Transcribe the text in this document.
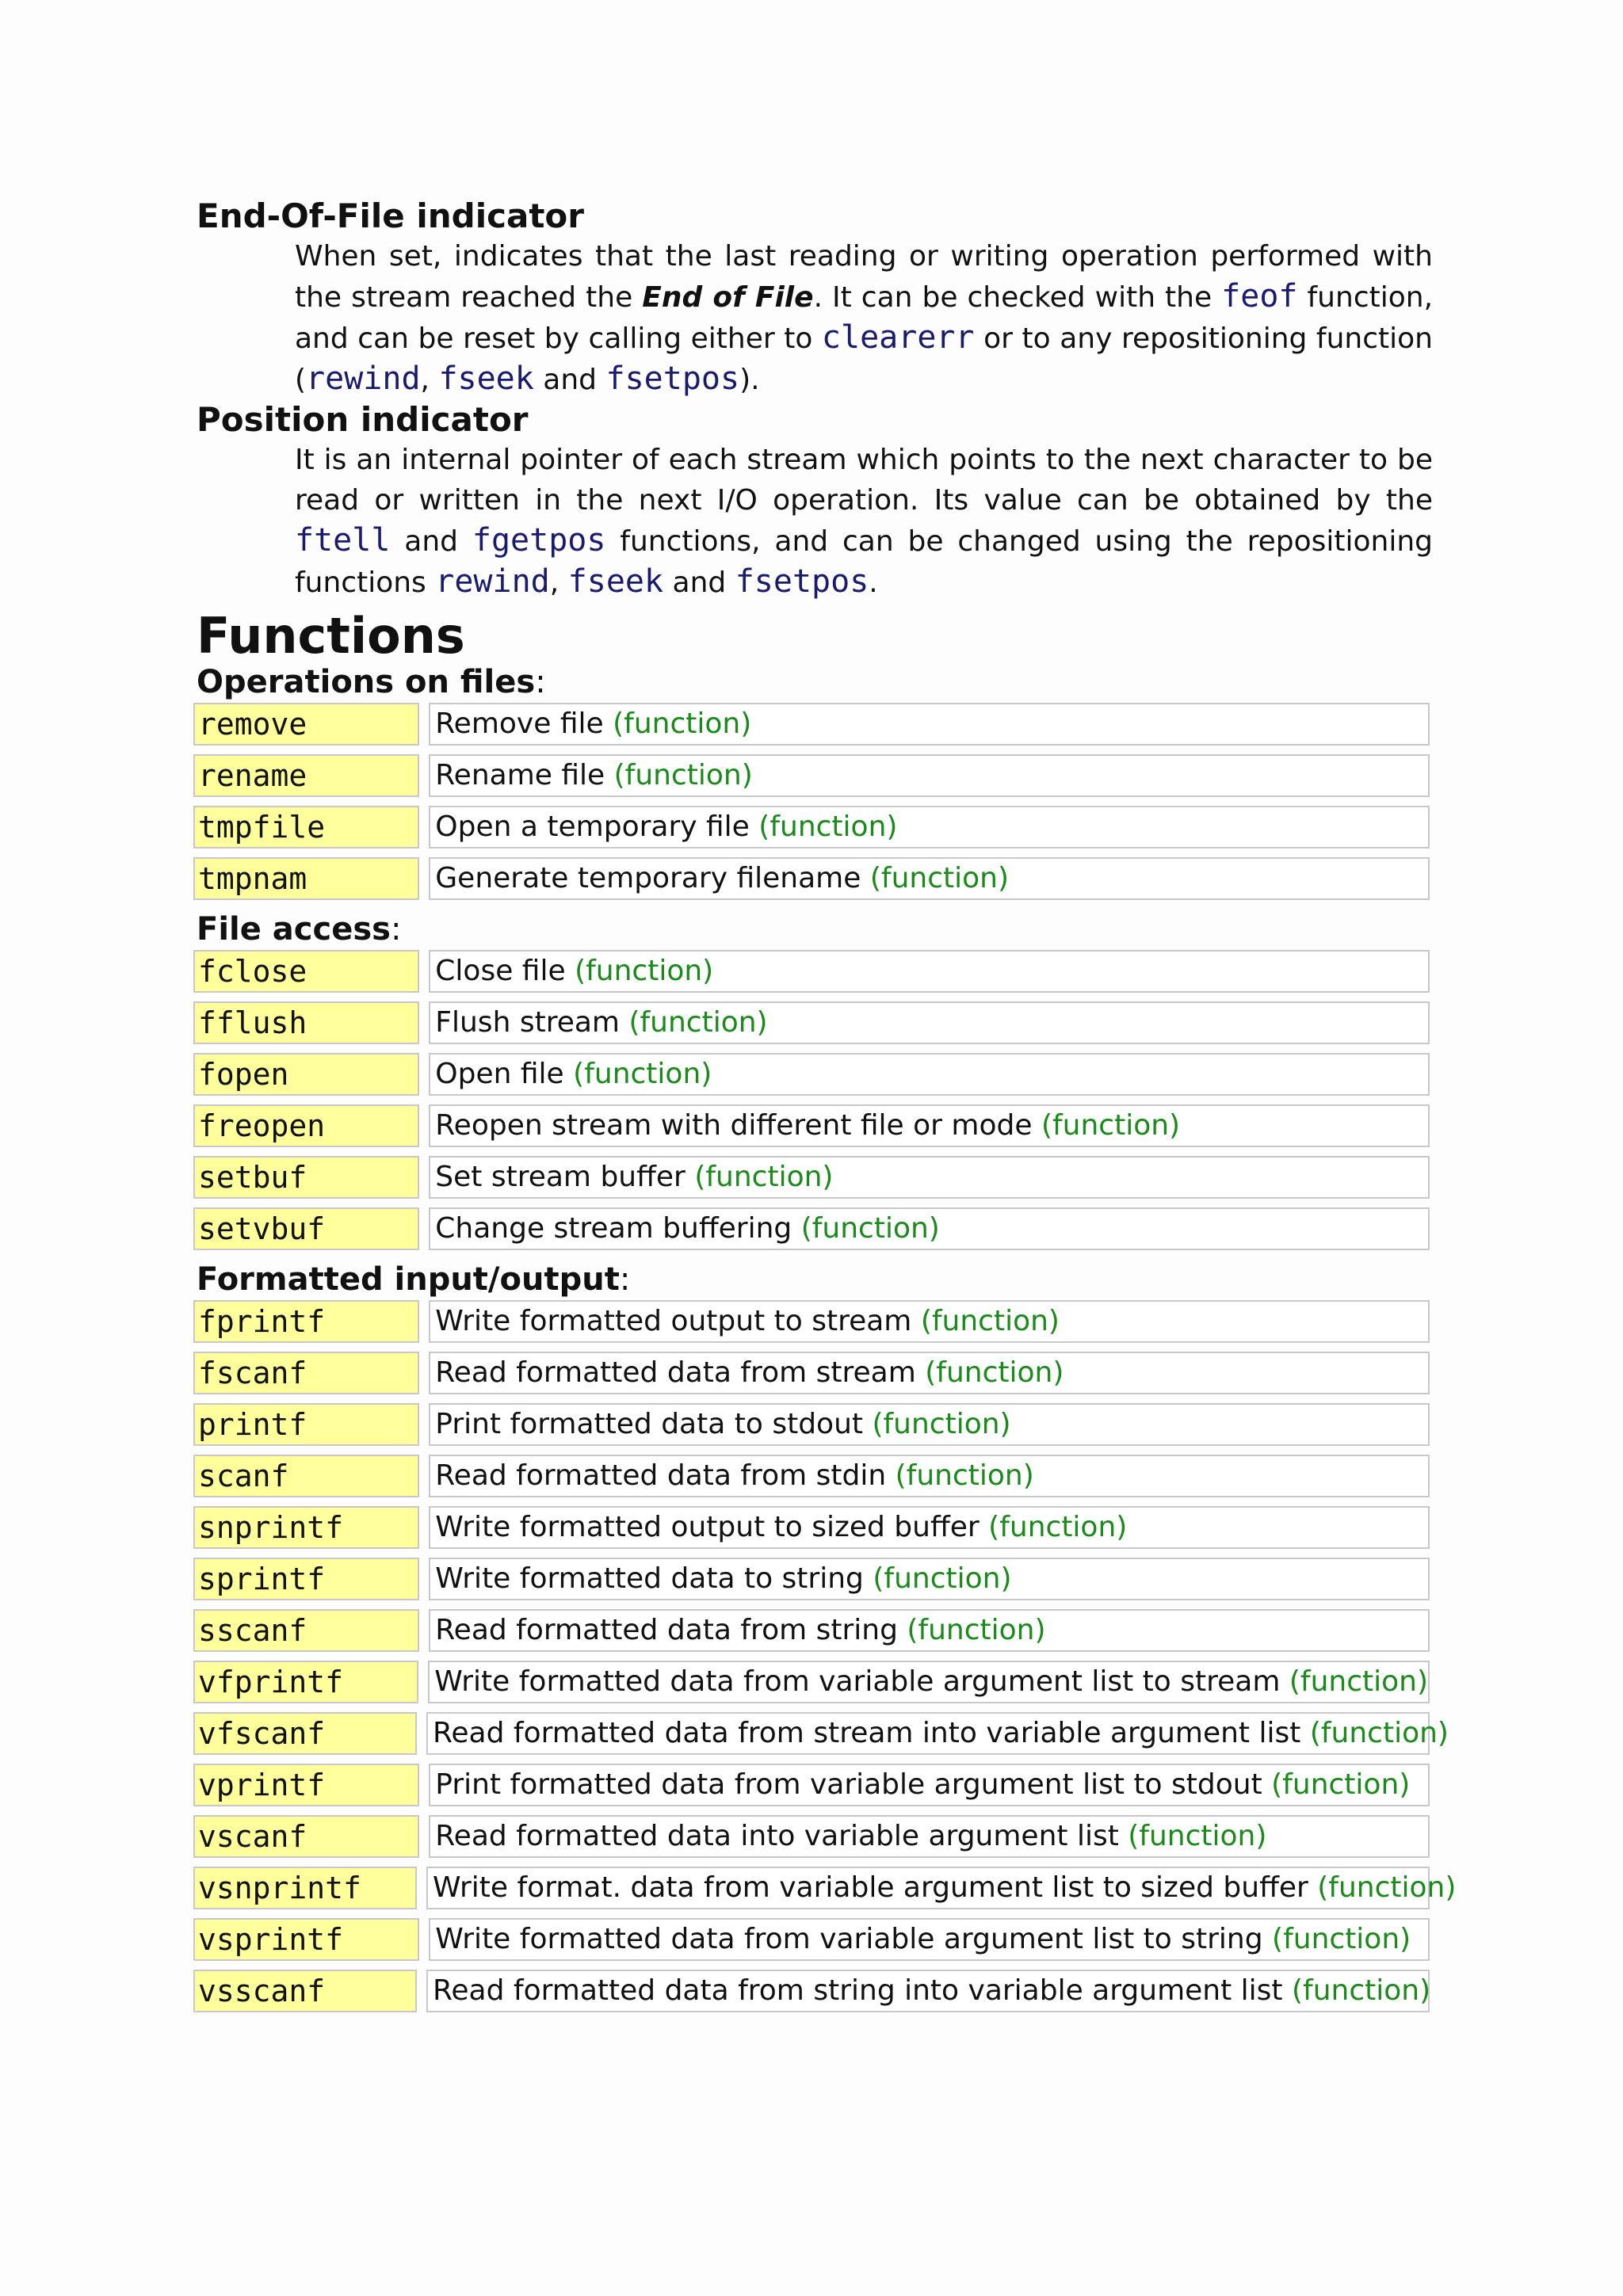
End-Of-File indicator

When set, indicates that the last reading or writing operation performed with the stream reached the End of File. It can be checked with the feof function, and can be reset by calling either to clearerr or to any repositioning function (rewind, fseek and fsetpos).

Position indicator

It is an internal pointer of each stream which points to the next character to be read or written in the next I/O operation. Its value can be obtained by the ftell and fgetpos functions, and can be changed using the repositioning functions rewind, fseek and fsetpos.

Functions

Operations on files:

remove	Remove file (function)
rename	Rename file (function)
tmpfile	Open a temporary file (function)
tmpnam	Generate temporary filename (function)

File access:

fclose	Close file (function)
fflush	Flush stream (function)
fopen	Open file (function)
freopen	Reopen stream with different file or mode (function)
setbuf	Set stream buffer (function)
setvbuf	Change stream buffering (function)

Formatted input/output:

fprintf	Write formatted output to stream (function)
fscanf	Read formatted data from stream (function)
printf	Print formatted data to stdout (function)
scanf	Read formatted data from stdin (function)
snprintf	Write formatted output to sized buffer (function)
sprintf	Write formatted data to string (function)
sscanf	Read formatted data from string (function)
vfprintf	Write formatted data from variable argument list to stream (function)
vfscanf	Read formatted data from stream into variable argument list (function)
vprintf	Print formatted data from variable argument list to stdout (function)
vscanf	Read formatted data into variable argument list (function)
vsnprintf	Write format. data from variable argument list to sized buffer (function)
vsprintf	Write formatted data from variable argument list to string (function)
vsscanf	Read formatted data from string into variable argument list (function)
